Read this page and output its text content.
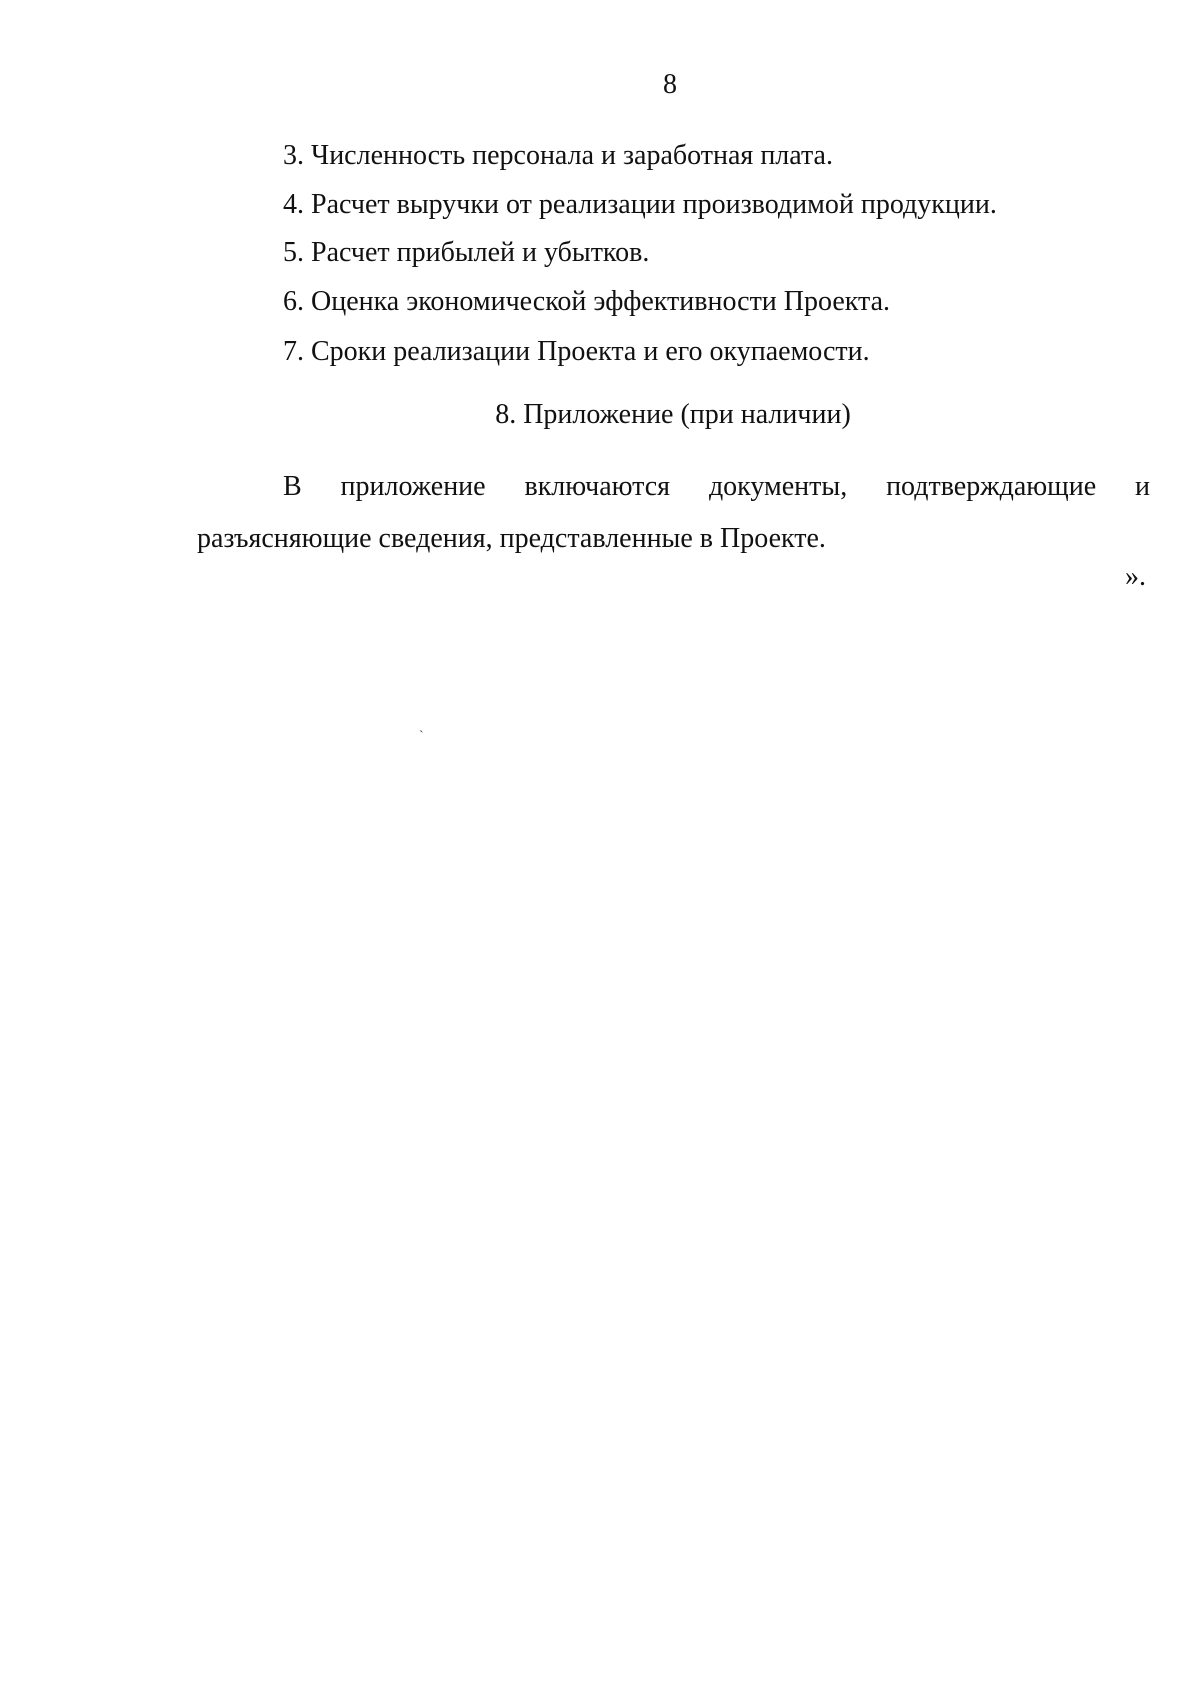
8
3. Численность персонала и заработная плата.
4. Расчет выручки от реализации производимой продукции.
5. Расчет прибылей и убытков.
6. Оценка экономической эффективности Проекта.
7. Сроки реализации Проекта и его окупаемости.
8. Приложение (при наличии)
В приложение включаются документы, подтверждающие и разъясняющие сведения, представленные в Проекте.
».
`
